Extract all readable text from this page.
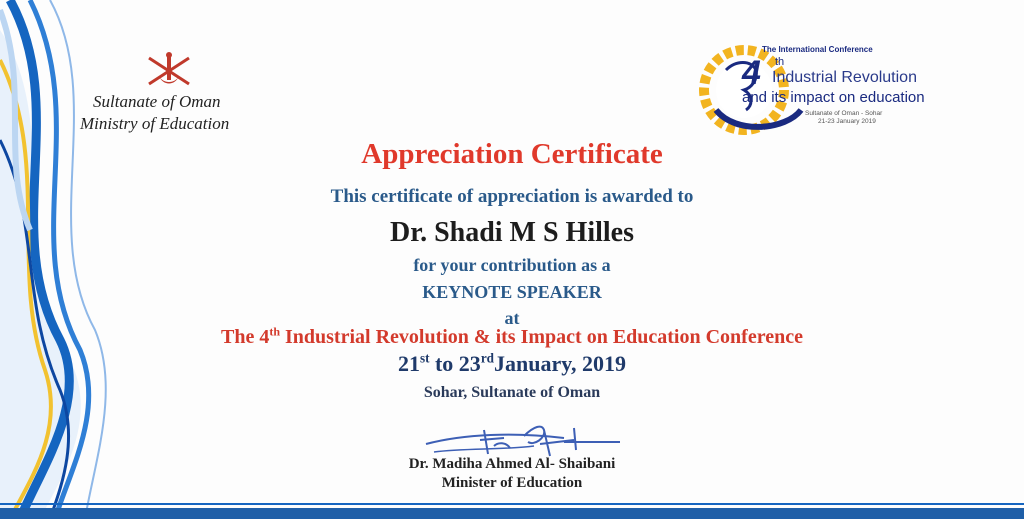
Sultanate of Oman
Ministry of Education
The International Conference
4 th
Industrial Revolution
and its impact on education
Sultanate of Oman - Sohar
21-23 January 2019
Appreciation Certificate
This certificate of appreciation is awarded to
Dr. Shadi M S Hilles
for your contribution as a
KEYNOTE SPEAKER
at
The 4th Industrial Revolution & its Impact on Education Conference
21st to 23rdJanuary, 2019
Sohar, Sultanate of Oman
Dr. Madiha Ahmed Al- Shaibani
Minister of Education
